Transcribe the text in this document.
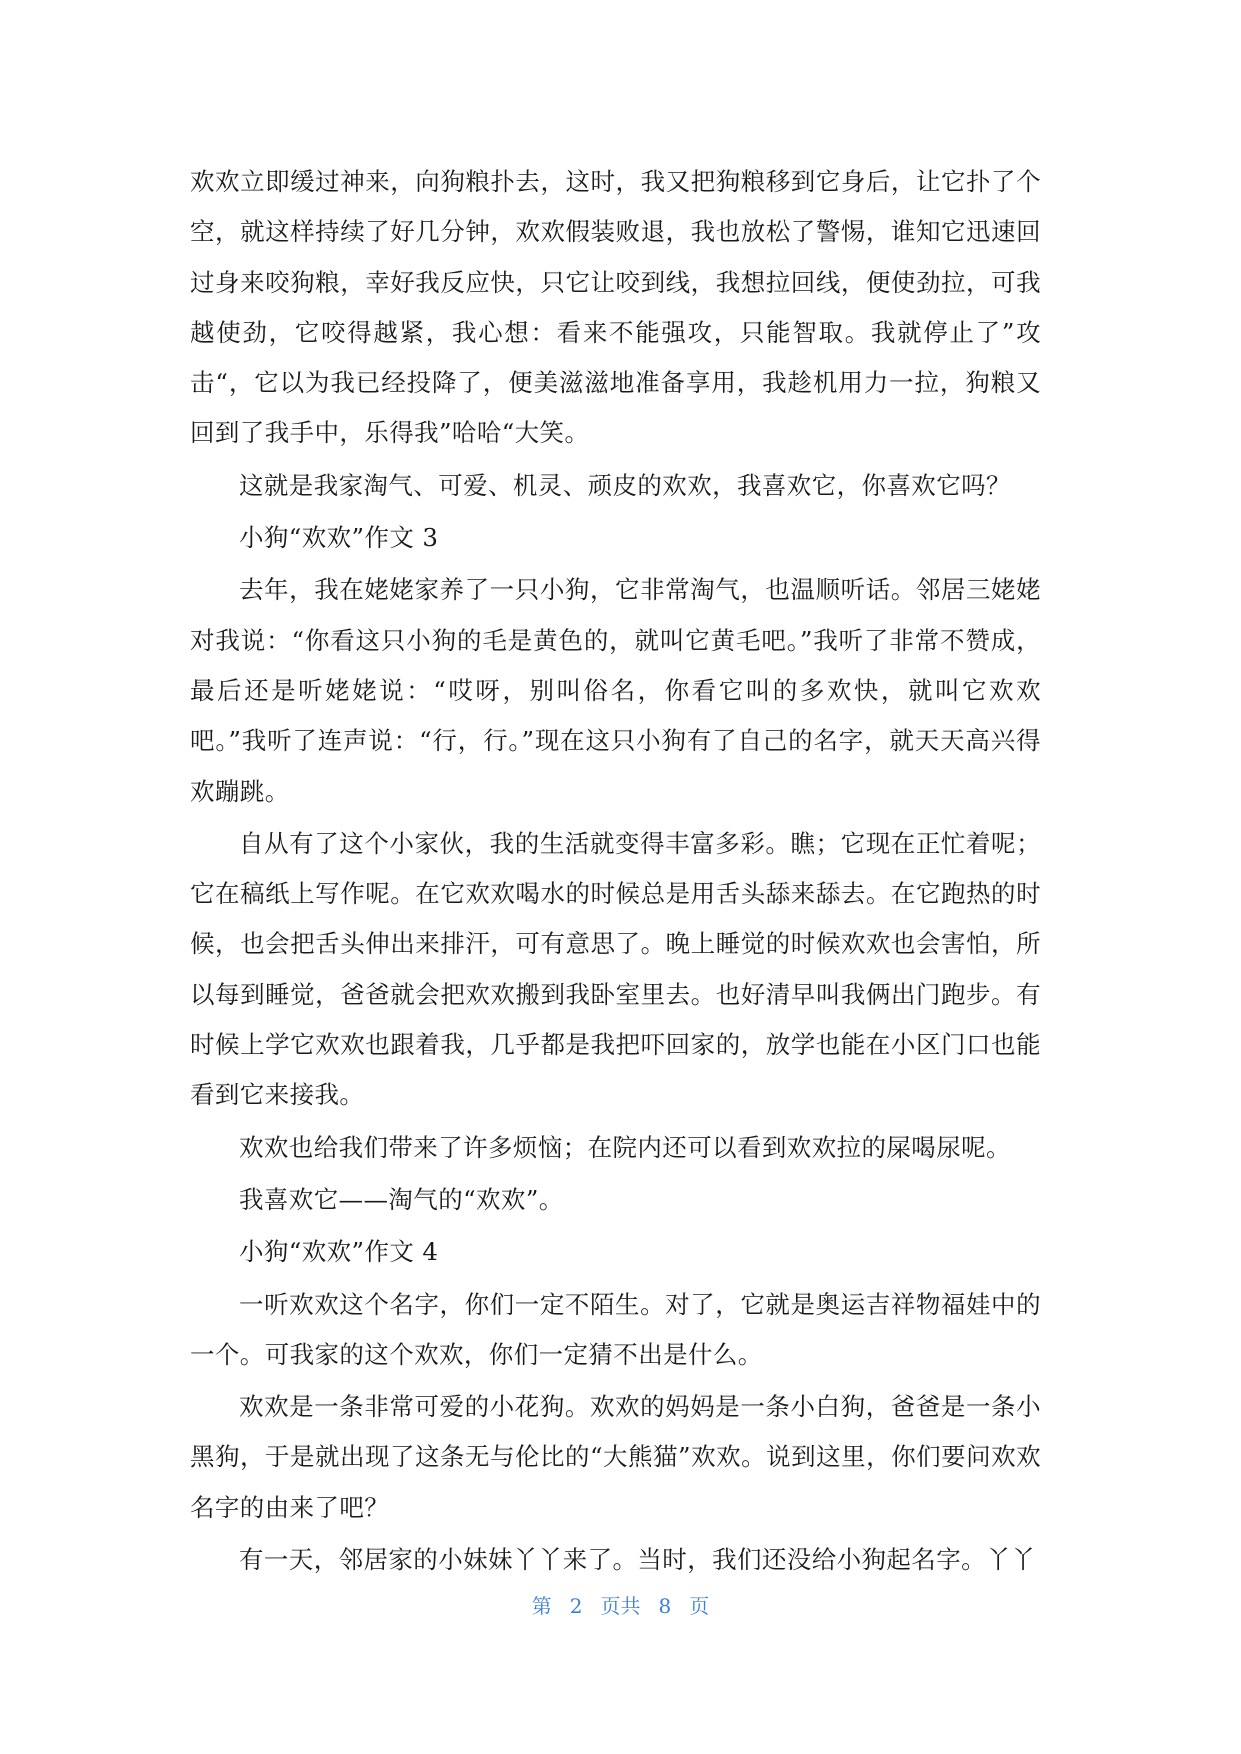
欢欢立即缓过神来，向狗粮扑去，这时，我又把狗粮移到它身后，让它扑了个空，就这样持续了好几分钟，欢欢假装败退，我也放松了警惕，谁知它迅速回过身来咬狗粮，幸好我反应快，只它让咬到线，我想拉回线，便使劲拉，可我越使劲，它咬得越紧，我心想：看来不能强攻，只能智取。我就停止了”攻击“，它以为我已经投降了，便美滋滋地准备享用，我趁机用力一拉，狗粮又回到了我手中，乐得我”哈哈“大笑。

这就是我家淘气、可爱、机灵、顽皮的欢欢，我喜欢它，你喜欢它吗？

小狗“欢欢”作文 3

去年，我在姥姥家养了一只小狗，它非常淘气，也温顺听话。邻居三姥姥对我说：“你看这只小狗的毛是黄色的，就叫它黄毛吧。”我听了非常不赞成，最后还是听姥姥说：“哎呀，别叫俗名，你看它叫的多欢快，就叫它欢欢吧。”我听了连声说：“行，行。”现在这只小狗有了自己的名字，就天天高兴得欢蹦跳。

自从有了这个小家伙，我的生活就变得丰富多彩。瞧；它现在正忙着呢；它在稿纸上写作呢。在它欢欢喝水的时候总是用舌头舔来舔去。在它跑热的时候，也会把舌头伸出来排汗，可有意思了。晚上睡觉的时候欢欢也会害怕，所以每到睡觉，爸爸就会把欢欢搬到我卧室里去。也好清早叫我俩出门跑步。有时候上学它欢欢也跟着我，几乎都是我把吓回家的，放学也能在小区门口也能看到它来接我。

欢欢也给我们带来了许多烦恼；在院内还可以看到欢欢拉的屎喝尿呢。

我喜欢它——淘气的“欢欢”。

小狗“欢欢”作文 4

一听欢欢这个名字，你们一定不陌生。对了，它就是奥运吉祥物福娃中的一个。可我家的这个欢欢，你们一定猜不出是什么。

欢欢是一条非常可爱的小花狗。欢欢的妈妈是一条小白狗，爸爸是一条小黑狗，于是就出现了这条无与伦比的“大熊猫”欢欢。说到这里，你们要问欢欢名字的由来了吧？

有一天，邻居家的小妹妹丫丫来了。当时，我们还没给小狗起名字。丫丫

第 2 页共 8 页
